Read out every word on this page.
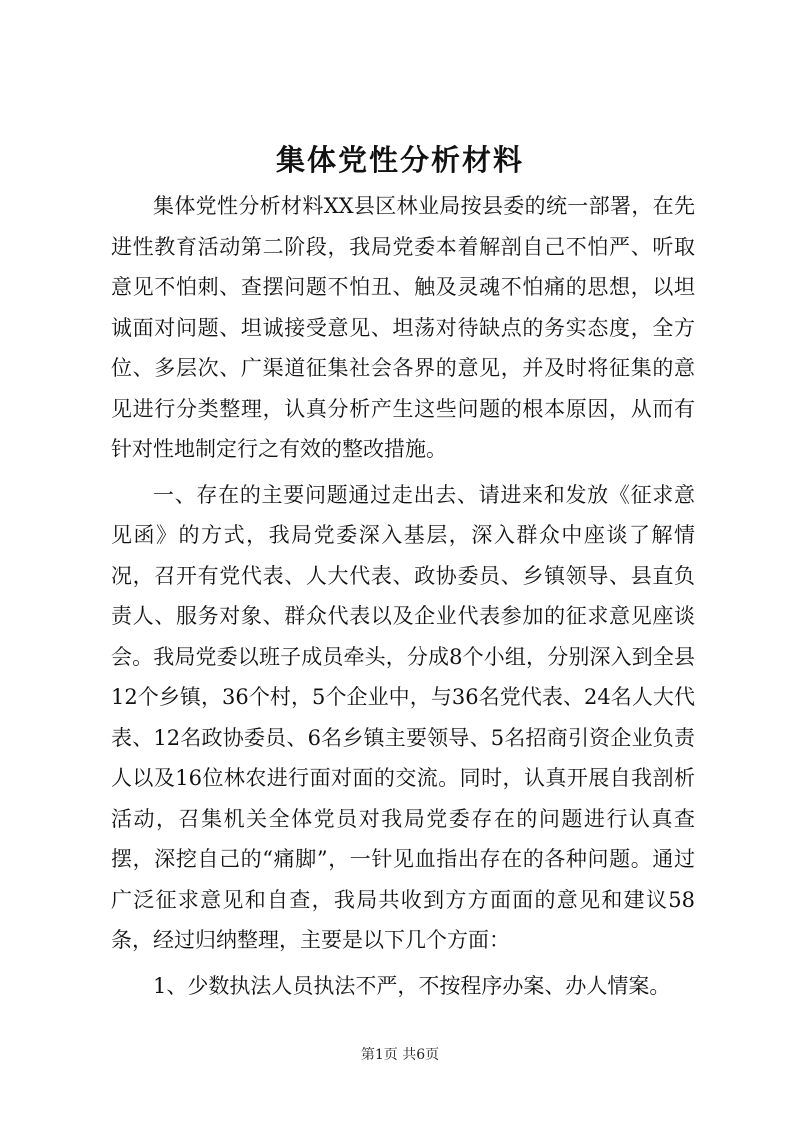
集体党性分析材料

集体党性分析材料XX县区林业局按县委的统一部署，在先进性教育活动第二阶段，我局党委本着解剖自己不怕严、听取意见不怕刺、查摆问题不怕丑、触及灵魂不怕痛的思想，以坦诚面对问题、坦诚接受意见、坦荡对待缺点的务实态度，全方位、多层次、广渠道征集社会各界的意见，并及时将征集的意见进行分类整理，认真分析产生这些问题的根本原因，从而有针对性地制定行之有效的整改措施。

一、存在的主要问题通过走出去、请进来和发放《征求意见函》的方式，我局党委深入基层，深入群众中座谈了解情况，召开有党代表、人大代表、政协委员、乡镇领导、县直负责人、服务对象、群众代表以及企业代表参加的征求意见座谈会。我局党委以班子成员牵头，分成8个小组，分别深入到全县12个乡镇，36个村，5个企业中，与36名党代表、24名人大代表、12名政协委员、6名乡镇主要领导、5名招商引资企业负责人以及16位林农进行面对面的交流。同时，认真开展自我剖析活动，召集机关全体党员对我局党委存在的问题进行认真查摆，深挖自己的“痛脚”，一针见血指出存在的各种问题。通过广泛征求意见和自查，我局共收到方方面面的意见和建议58条，经过归纳整理，主要是以下几个方面：

1、少数执法人员执法不严，不按程序办案、办人情案。

第1页 共6页
